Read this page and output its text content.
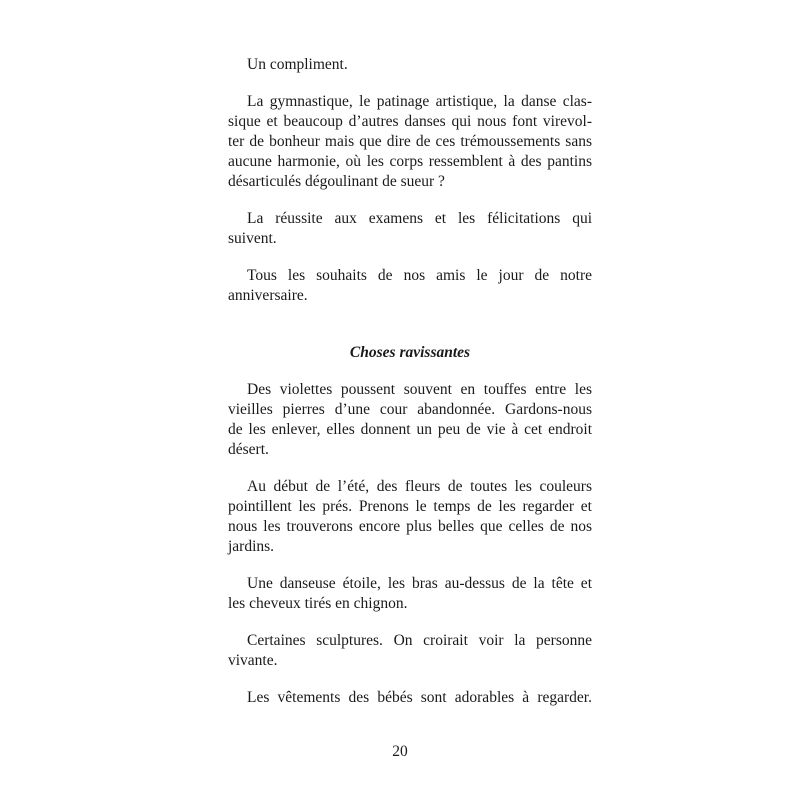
Un compliment.
La gymnastique, le patinage artistique, la danse clas-
sique et beaucoup d’autres danses qui nous font virevol-
ter de bonheur mais que dire de ces trémoussements sans
aucune harmonie, où les corps ressemblent à des pantins
désarticulés dégoulinant de sueur ?
La réussite aux examens et les félicitations qui
suivent.
Tous les souhaits de nos amis le jour de notre
anniversaire.
Choses ravissantes
Des violettes poussent souvent en touffes entre les
vieilles pierres d’une cour abandonnée. Gardons-nous
de les enlever, elles donnent un peu de vie à cet endroit
désert.
Au début de l’été, des fleurs de toutes les couleurs
pointillent les prés. Prenons le temps de les regarder et
nous les trouverons encore plus belles que celles de nos
jardins.
Une danseuse étoile, les bras au-dessus de la tête et
les cheveux tirés en chignon.
Certaines sculptures. On croirait voir la personne
vivante.
Les vêtements des bébés sont adorables à regarder.
20
